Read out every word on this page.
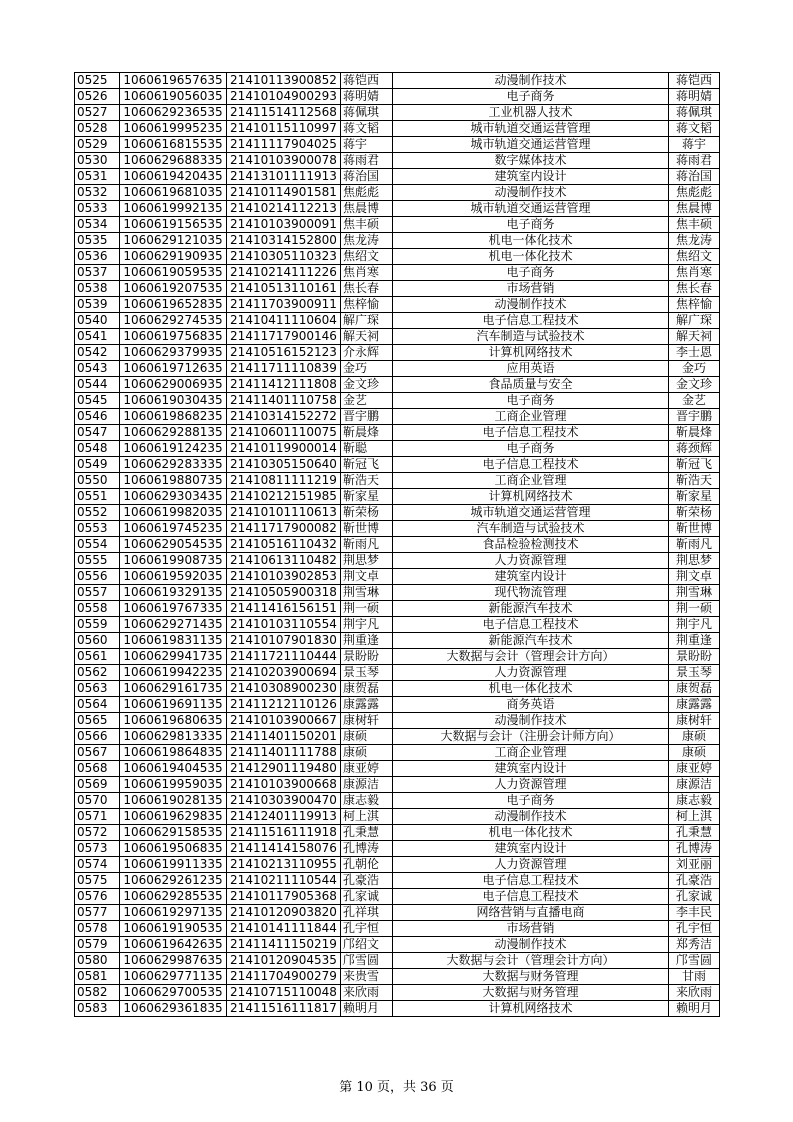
0525	1060619657635	21410113900852	蒋铠西	动漫制作技术	蒋铠西
0526	1060619056035	21410104900293	蒋明婧	电子商务	蒋明婧
0527	1060629236535	21411514112568	蒋佩琪	工业机器人技术	蒋佩琪
0528	1060619995235	21410115110997	蒋文韬	城市轨道交通运营管理	蒋文韬
0529	1060616815535	21411117904025	蒋宇	城市轨道交通运营管理	蒋宇
0530	1060629688335	21410103900078	蒋雨君	数字媒体技术	蒋雨君
0531	1060619420435	21413101111913	蒋治国	建筑室内设计	蒋治国
0532	1060619681035	21410114901581	焦彪彪	动漫制作技术	焦彪彪
0533	1060619992135	21410214112213	焦晨博	城市轨道交通运营管理	焦晨博
0534	1060619156535	21410103900091	焦丰硕	电子商务	焦丰硕
0535	1060629121035	21410314152800	焦龙涛	机电一体化技术	焦龙涛
0536	1060629190935	21410305110323	焦绍文	机电一体化技术	焦绍文
0537	1060619059535	21410214111226	焦肖寒	电子商务	焦肖寒
0538	1060619207535	21410513110161	焦长春	市场营销	焦长春
0539	1060619652835	21411703900911	焦梓愉	动漫制作技术	焦梓愉
0540	1060629274535	21410411110604	解广琛	电子信息工程技术	解广琛
0541	1060619756835	21411717900146	解天祠	汽车制造与试验技术	解天祠
0542	1060629379935	21410516152123	介永辉	计算机网络技术	李士恩
0543	1060619712635	21411711110839	金巧	应用英语	金巧
0544	1060629006935	21411412111808	金文珍	食品质量与安全	金文珍
0545	1060619030435	21411401110758	金艺	电子商务	金艺
0546	1060619868235	21410314152272	晋宇鹏	工商企业管理	晋宇鹏
0547	1060629288135	21410601110075	靳晨烽	电子信息工程技术	靳晨烽
0548	1060619124235	21410119900014	靳聪	电子商务	蒋颈辉
0549	1060629283335	21410305150640	靳冠飞	电子信息工程技术	靳冠飞
0550	1060619880735	21410811111219	靳浩天	工商企业管理	靳浩天
0551	1060629303435	21410212151985	靳家星	计算机网络技术	靳家星
0552	1060619982035	21410101110613	靳荣杨	城市轨道交通运营管理	靳荣杨
0553	1060619745235	21411717900082	靳世博	汽车制造与试验技术	靳世博
0554	1060629054535	21410516110432	靳雨凡	食品检验检测技术	靳雨凡
0555	1060619908735	21410613110482	荆思梦	人力资源管理	荆思梦
0556	1060619592035	21410103902853	荆文卓	建筑室内设计	荆文卓
0557	1060619329135	21410505900318	荆雪琳	现代物流管理	荆雪琳
0558	1060619767335	21411416156151	荆一硕	新能源汽车技术	荆一硕
0559	1060629271435	21410103110554	荆宇凡	电子信息工程技术	荆宇凡
0560	1060619831135	21410107901830	荆重逢	新能源汽车技术	荆重逢
0561	1060629941735	21411721110444	景盼盼	大数据与会计（管理会计方向）	景盼盼
0562	1060619942235	21410203900694	景玉琴	人力资源管理	景玉琴
0563	1060629161735	21410308900230	康贺磊	机电一体化技术	康贺磊
0564	1060619691135	21411212110126	康露露	商务英语	康露露
0565	1060619680635	21410103900667	康树轩	动漫制作技术	康树轩
0566	1060629813335	21411401150201	康硕	大数据与会计（注册会计师方向）	康硕
0567	1060619864835	21411401111788	康硕	工商企业管理	康硕
0568	1060619404535	21412901119480	康亚婷	建筑室内设计	康亚婷
0569	1060619959035	21410103900668	康源洁	人力资源管理	康源洁
0570	1060619028135	21410303900470	康志毅	电子商务	康志毅
0571	1060619629835	21412401119913	柯上淇	动漫制作技术	柯上淇
0572	1060629158535	21411516111918	孔秉慧	机电一体化技术	孔秉慧
0573	1060619506835	21411414158076	孔博涛	建筑室内设计	孔博涛
0574	1060619911335	21410213110955	孔朝伦	人力资源管理	刘亚丽
0575	1060629261235	21410211110544	孔豪浩	电子信息工程技术	孔豪浩
0576	1060629285535	21410117905368	孔家诚	电子信息工程技术	孔家诚
0577	1060619297135	21410120903820	孔祥琪	网络营销与直播电商	李丰民
0578	1060619190535	21410141111844	孔宇恒	市场营销	孔宇恒
0579	1060619642635	21411411150219	邝绍文	动漫制作技术	郑秀洁
0580	1060629987635	21410120904535	邝雪圆	大数据与会计（管理会计方向）	邝雪圆
0581	1060629771135	21411704900279	来贵雪	大数据与财务管理	甘雨
0582	1060629700535	21410715110048	来欣雨	大数据与财务管理	来欣雨
0583	1060629361835	21411516111817	赖明月	计算机网络技术	赖明月
第 10 页，共 36 页
